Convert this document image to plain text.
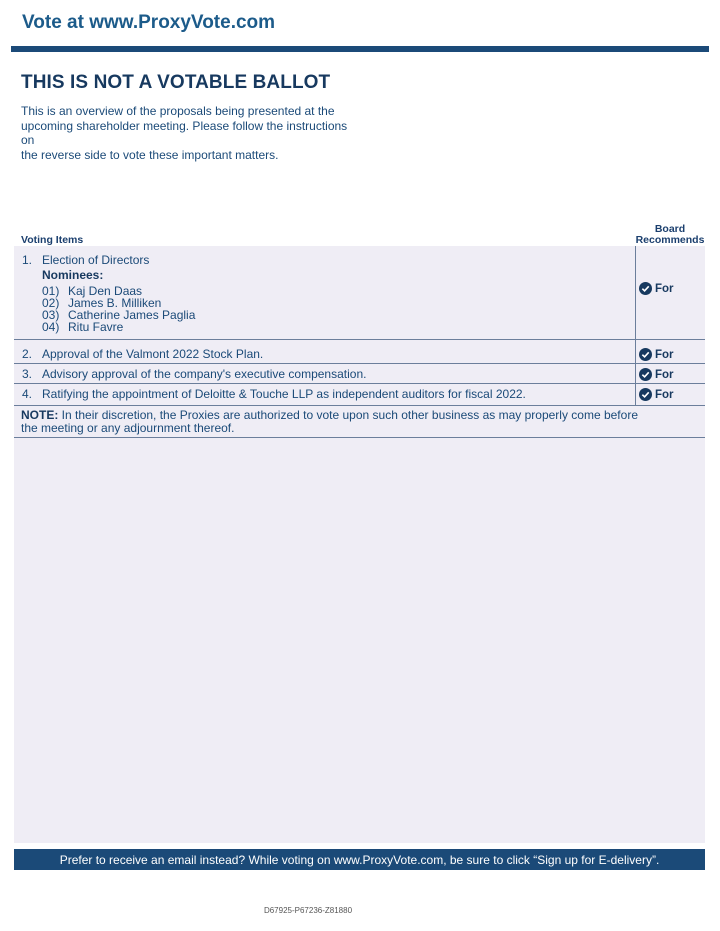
Vote at www.ProxyVote.com
THIS IS NOT A VOTABLE BALLOT
This is an overview of the proposals being presented at the
upcoming shareholder meeting. Please follow the instructions on
the reverse side to vote these important matters.
Voting Items
Board
Recommends
1. Election of Directors
Nominees:
01) Kaj Den Daas
02) James B. Milliken
03) Catherine James Paglia
04) Ritu Favre
For
2. Approval of the Valmont 2022 Stock Plan.	For
3. Advisory approval of the company's executive compensation.	For
4. Ratifying the appointment of Deloitte & Touche LLP as independent auditors for fiscal 2022.	For
NOTE: In their discretion, the Proxies are authorized to vote upon such other business as may properly come before the meeting or any adjournment thereof.
Prefer to receive an email instead? While voting on www.ProxyVote.com, be sure to click “Sign up for E-delivery”.
D67925-P67236-Z81880
